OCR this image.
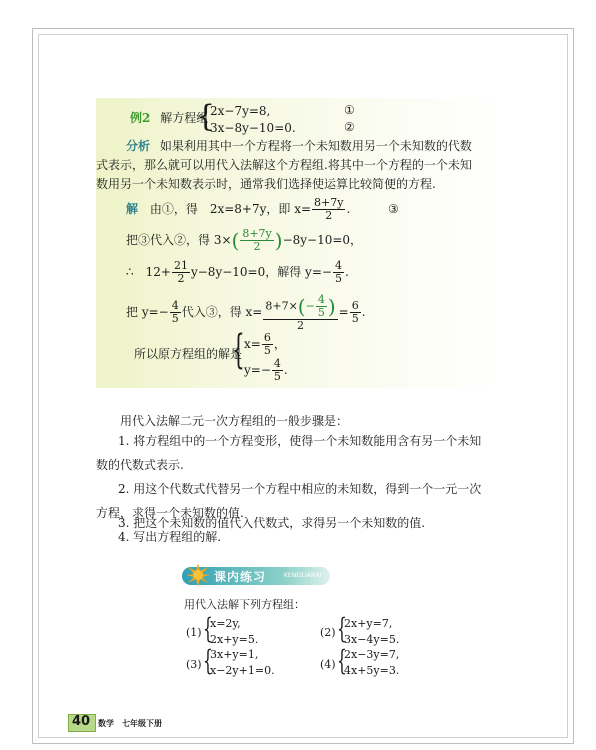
例2 解方程组
{
2x−7y=8,
3x−8y−10=0.
①
②
分析 如果利用其中一个方程将一个未知数用另一个未知数的代数
式表示，那么就可以用代入法解这个方程组.将其中一个方程的一个未知
数用另一个未知数表示时，通常我们选择使运算比较简便的方程.
解 由①，得　2x=8+7y，即 $x= \frac{8+7y}{2}$ .	③
把③代入②，得 $3\times( \frac{8+7y}{2} )-8y-10=0$，
∴　$12+ \frac{21}{2} y-8y-10=0$，解得 $y=- \frac{4}{5}$ .
把 $y=- \frac{4}{5}$ 代入③，得 $x= \frac{8+7\times(- \frac{4}{5} )}{2} = \frac{6}{5}$ .
所以原方程组的解是
{ $x= \frac{6}{5}$ ，
$y=- \frac{4}{5}$ .
用代入法解二元一次方程组的一般步骤是：
1. 将方程组中的一个方程变形，使得一个未知数能用含有另一个未知
数的代数式表示.
2. 用这个代数式代替另一个方程中相应的未知数，得到一个一元一次
方程，求得一个未知数的值.
3. 把这个未知数的值代入代数式，求得另一个未知数的值.
4. 写出方程组的解.
课内练习	KENEILIANXI
用代入法解下列方程组：
(1) {
x=2y,
2x+y=5.
(2) {
2x+y=7,
3x−4y=5.
(3) {
3x+y=1,
x−2y+1=0.	(4) {
2x−3y=7,
4x+5y=3.
40 数学　七年级下册
